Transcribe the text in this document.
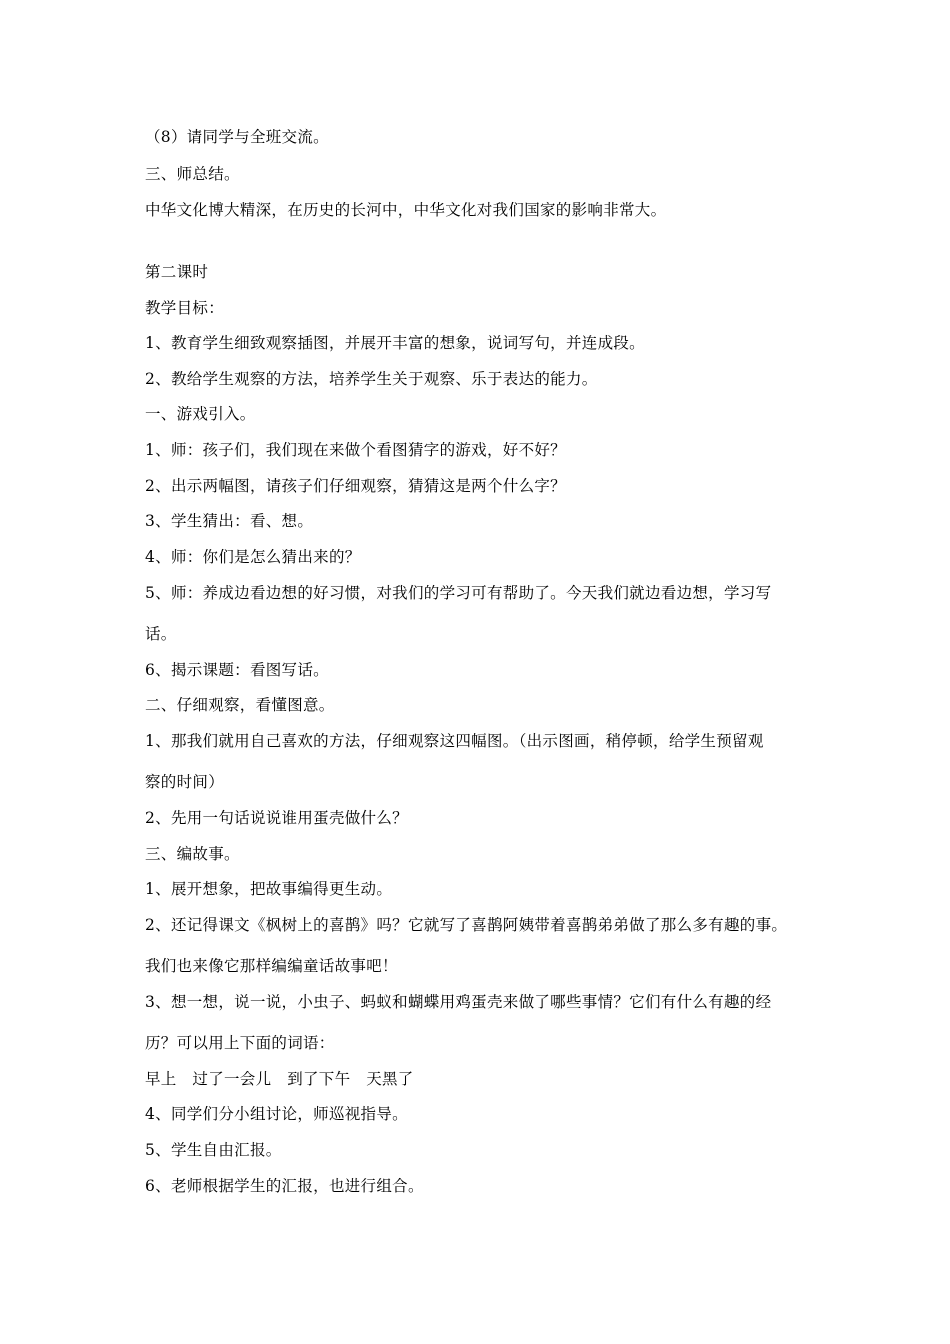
（8）请同学与全班交流。
三、师总结。
中华文化博大精深，在历史的长河中，中华文化对我们国家的影响非常大。
第二课时
教学目标：
1、教育学生细致观察插图，并展开丰富的想象，说词写句，并连成段。
2、教给学生观察的方法，培养学生关于观察、乐于表达的能力。
一、游戏引入。
1、师：孩子们，我们现在来做个看图猜字的游戏，好不好？
2、出示两幅图，请孩子们仔细观察，猜猜这是两个什么字？
3、学生猜出：看、想。
4、师：你们是怎么猜出来的？
5、师：养成边看边想的好习惯，对我们的学习可有帮助了。今天我们就边看边想，学习写
话。
6、揭示课题：看图写话。
二、仔细观察，看懂图意。
1、那我们就用自己喜欢的方法，仔细观察这四幅图。（出示图画，稍停顿，给学生预留观
察的时间）
2、先用一句话说说谁用蛋壳做什么？
三、编故事。
1、展开想象，把故事编得更生动。
2、还记得课文《枫树上的喜鹊》吗？它就写了喜鹊阿姨带着喜鹊弟弟做了那么多有趣的事。
我们也来像它那样编编童话故事吧！
3、想一想，说一说，小虫子、蚂蚁和蝴蝶用鸡蛋壳来做了哪些事情？它们有什么有趣的经
历？可以用上下面的词语：
早上　过了一会儿　到了下午　天黑了
4、同学们分小组讨论，师巡视指导。
5、学生自由汇报。
6、老师根据学生的汇报，也进行组合。
